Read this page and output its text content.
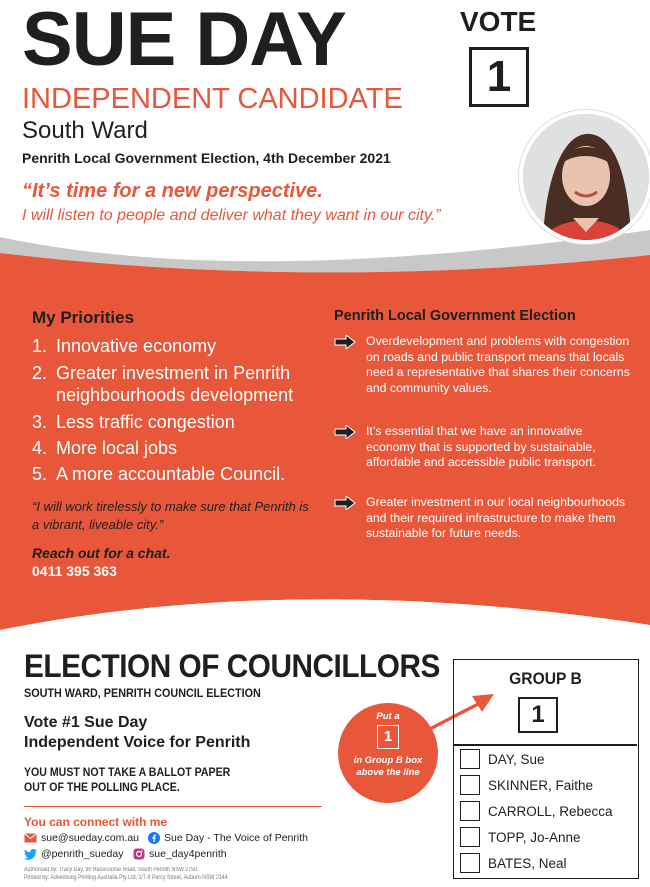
SUE DAY
INDEPENDENT CANDIDATE
South Ward
Penrith Local Government Election, 4th December 2021
“It’s time for a new perspective.
I will listen to people and deliver what they want in our city.”
VOTE
1
My Priorities
1. Innovative economy
2. Greater investment in Penrith neighbourhoods development
3. Less traffic congestion
4. More local jobs
5. A more accountable Council.
“I will work tirelessly to make sure that Penrith is a vibrant, liveable city.”
Reach out for a chat.
0411 395 363
Penrith Local Government Election
Overdevelopment and problems with congestion on roads and public transport means that locals need a representative that shares their concerns and community values.
It’s essential that we have an innovative economy that is supported by sustainable, affordable and accessible public transport.
Greater investment in our local neighbourhoods and their required infrastructure to make them sustainable for future needs.
ELECTION OF COUNCILLORS
SOUTH WARD, PENRITH COUNCIL ELECTION
Vote #1 Sue Day
Independent Voice for Penrith
YOU MUST NOT TAKE A BALLOT PAPER
OUT OF THE POLLING PLACE.
You can connect with me
sue@sueday.com.au Sue Day - The Voice of Penrith
@penrith_sueday sue_day4penrith
Authorised by: Tracy Day, 90 Racecourse Road, South Penrith NSW 2750.
Printed by: Advertising Printing Australia Pty Ltd, 1/7-9 Percy Street, Auburn NSW 2144
Put a
1
in Group B box
above the line
GROUP B
1
DAY, Sue
SKINNER, Faithe
CARROLL, Rebecca
TOPP, Jo-Anne
BATES, Neal
